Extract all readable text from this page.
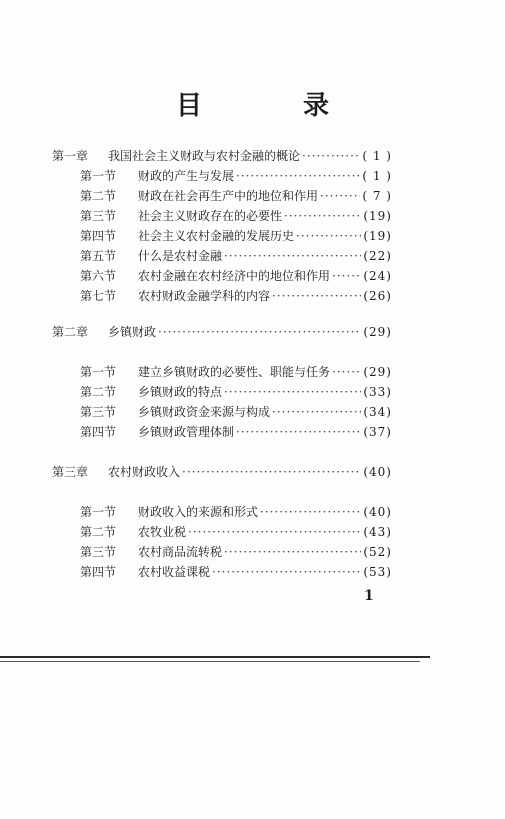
目 录
第一章	我国社会主义财政与农村金融的概论 ·····	( 1 )
第一节	财政的产生与发展 ·····	( 1 )
第二节	财政在社会再生产中的地位和作用 ·····	( 7 )
第三节	社会主义财政存在的必要性 ·····	(19)
第四节	社会主义农村金融的发展历史 ·····	(19)
第五节	什么是农村金融 ·····	(22)
第六节	农村金融在农村经济中的地位和作用 ·····	(24)
第七节	农村财政金融学科的内容 ·····	(26)
第二章	乡镇财政 ·····	(29)
第一节	建立乡镇财政的必要性、职能与任务 ·····	(29)
第二节	乡镇财政的特点 ·····	(33)
第三节	乡镇财政资金来源与构成 ·····	(34)
第四节	乡镇财政管理体制 ·····	(37)
第三章	农村财政收入 ·····	(40)
第一节	财政收入的来源和形式 ·····	(40)
第二节	农牧业税 ·····	(43)
第三节	农村商品流转税 ·····	(52)
第四节	农村收益课税 ·····	(53)
1
